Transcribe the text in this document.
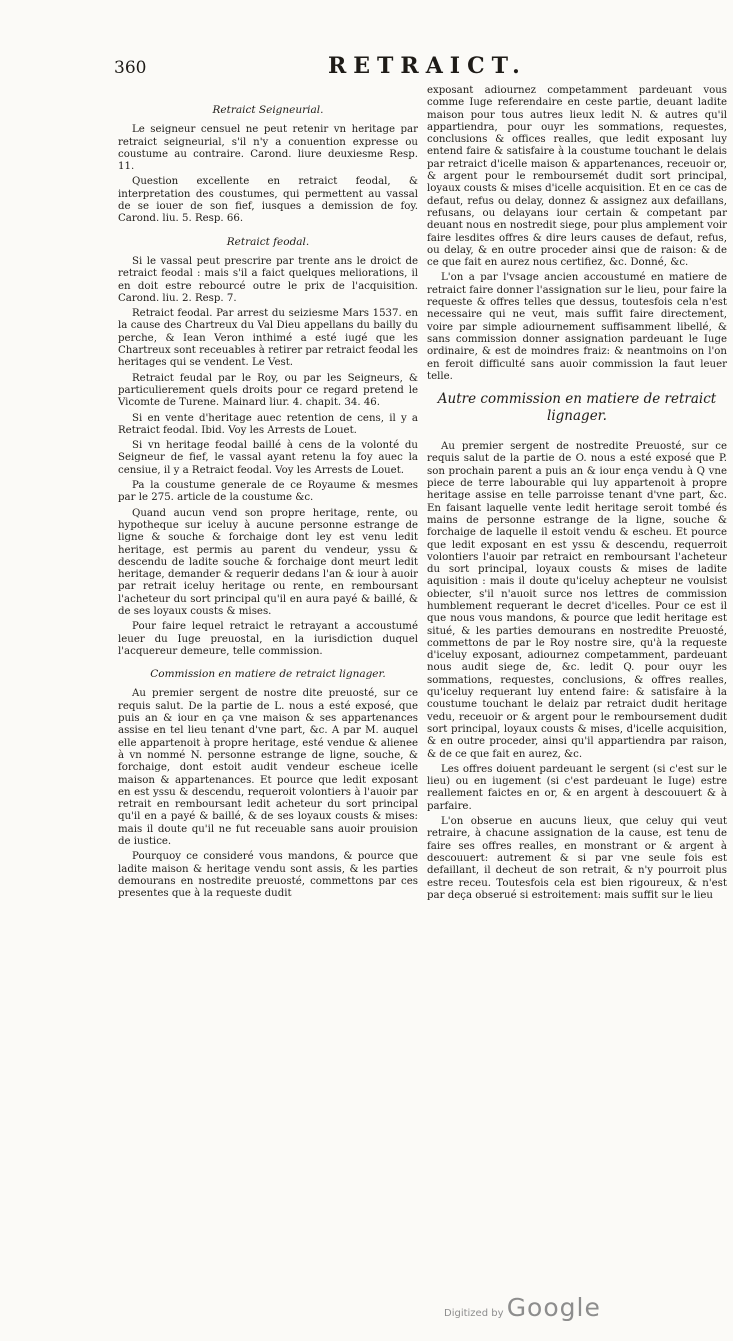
360	RETRAICT.
Retraict Seigneurial.

Le seigneur censuel ne peut retenir vn heritage par retraict seigneurial, s'il n'y a conuention expresse ou coustume au contraire. Carond. liure deuxiesme Resp. 11.

Question excellente en retraict feodal, & interpretation des coustumes, qui permettent au vassal de se iouer de son fief, iusques a demission de foy. Carond. liu. 5. Resp. 66.

Retraict feodal.

Si le vassal peut prescrire par trente ans le droict de retraict feodal : mais s'il a faict quelques meliorations, il en doit estre rebourcé outre le prix de l'acquisition. Carond. liu. 2. Resp. 7.

Retraict feodal. Par arrest du seiziesme Mars 1537. en la cause des Chartreux du Val Dieu appellans du bailly du perche, & Iean Veron inthimé a esté iugé que les Chartreux sont receuables à retirer par retraict feodal les heritages qui se vendent. Le Vest.

Retraict feudal par le Roy, ou par les Seigneurs, & particulierement quels droits pour ce regard pretend le Vicomte de Turene. Mainard liur. 4. chapit. 34. 46.

Si en vente d'heritage auec retention de cens, il y a Retraict feodal. Ibid. Voy les Arrests de Louet.

Si vn heritage feodal baillé à cens de la volonté du Seigneur de fief, le vassal ayant retenu la foy auec la censiue, il y a Retraict feodal. Voy les Arrests de Louet.

Pa la coustume generale de ce Royaume & mesmes par le 275. article de la coustume &c.

Quand aucun vend son propre heritage, rente, ou hypotheque sur iceluy à aucune personne estrange de ligne & souche & forchaige dont ley est venu ledit heritage, est permis au parent du vendeur, yssu & descendu de ladite souche & forchaige dont meurt ledit heritage, demander & requerir dedans l'an & iour à auoir par retrait iceluy heritage ou rente, en remboursant l'acheteur du sort principal qu'il en aura payé & baillé, & de ses loyaux cousts & mises.

Pour faire lequel retraict le retrayant a accoustumé leuer du Iuge preuostal, en la iurisdiction duquel l'acquereur demeure, telle commission.

Commission en matiere de retraict lignager.

Au premier sergent de nostre dite preuosté, sur ce requis salut. De la partie de L. nous a esté exposé, que puis an & iour en ça vne maison & ses appartenances assise en tel lieu tenant d'vne part, &c. A par M. auquel elle appartenoit à propre heritage, esté vendue & alienee à vn nommé N. personne estrange de ligne, souche, & forchaige, dont estoit audit vendeur escheue icelle maison & appartenances. Et pource que ledit exposant en est yssu & descendu, requeroit volontiers à l'auoir par retrait en remboursant ledit acheteur du sort principal qu'il en a payé & baillé, & de ses loyaux cousts & mises: mais il doute qu'il ne fut receuable sans auoir prouision de iustice.

Pourquoy ce consideré vous mandons, & pource que ladite maison & heritage vendu sont assis, & les parties demourans en nostredite preuosté, commettons par ces presentes que à la requeste dudit

exposant adiournez competamment pardeuant vous comme Iuge referendaire en ceste partie, deuant ladite maison pour tous autres lieux ledit N. & autres qu'il appartiendra, pour ouyr les sommations, requestes, conclusions & offices realles, que ledit exposant luy entend faire & satisfaire à la coustume touchant le delais par retraict d'icelle maison & appartenances, receuoir or, & argent pour le remboursemét dudit sort principal, loyaux cousts & mises d'icelle acquisition. Et en ce cas de defaut, refus ou delay, donnez & assignez aux defaillans, refusans, ou delayans iour certain & competant par deuant nous en nostredit siege, pour plus amplement voir faire lesdites offres & dire leurs causes de defaut, refus, ou delay, & en outre proceder ainsi que de raison: & de ce que fait en aurez nous certifiez, &c. Donné, &c.

L'on a par l'vsage ancien accoustumé en matiere de retraict faire donner l'assignation sur le lieu, pour faire la requeste & offres telles que dessus, toutesfois cela n'est necessaire qui ne veut, mais suffit faire directement, voire par simple adiournement suffisamment libellé, & sans commission donner assignation pardeuant le Iuge ordinaire, & est de moindres fraiz: & neantmoins on l'on en feroit difficulté sans auoir commission la faut leuer telle.

Autre commission en matiere de retraict lignager.

Au premier sergent de nostredite Preuosté, sur ce requis salut de la partie de O. nous a esté exposé que P. son prochain parent a puis an & iour ença vendu à Q vne piece de terre labourable qui luy appartenoit à propre heritage assise en telle parroisse tenant d'vne part, &c. En faisant laquelle vente ledit heritage seroit tombé és mains de personne estrange de la ligne, souche & forchaige de laquelle il estoit vendu & escheu. Et pource que ledit exposant en est yssu & descendu, requerroit volontiers l'auoir par retraict en remboursant l'acheteur du sort principal, loyaux cousts & mises de ladite aquisition : mais il doute qu'iceluy achepteur ne voulsist obiecter, s'il n'auoit surce nos lettres de commission humblement requerant le decret d'icelles. Pour ce est il que nous vous mandons, & pource que ledit heritage est situé, & les parties demourans en nostredite Preuosté, commettons de par le Roy nostre sire, qu'à la requeste d'iceluy exposant, adiournez competamment, pardeuant nous audit siege de, &c. ledit Q. pour ouyr les sommations, requestes, conclusions, & offres realles, qu'iceluy requerant luy entend faire: & satisfaire à la coustume touchant le delaiz par retraict dudit heritage vedu, receuoir or & argent pour le remboursement dudit sort principal, loyaux cousts & mises, d'icelle acquisition, & en outre proceder, ainsi qu'il appartiendra par raison, & de ce que fait en aurez, &c.

Les offres doiuent pardeuant le sergent (si c'est sur le lieu) ou en iugement (si c'est pardeuant le Iuge) estre reallement faictes en or, & en argent à descouuert & à parfaire.

L'on obserue en aucuns lieux, que celuy qui veut retraire, à chacune assignation de la cause, est tenu de faire ses offres realles, en monstrant or & argent à descouuert: autrement & si par vne seule fois est defaillant, il decheut de son retrait, & n'y pourroit plus estre receu. Toutesfois cela est bien rigoureux, & n'est par deça obserué si estroitement: mais suffit sur le lieu

Digitized by Google
